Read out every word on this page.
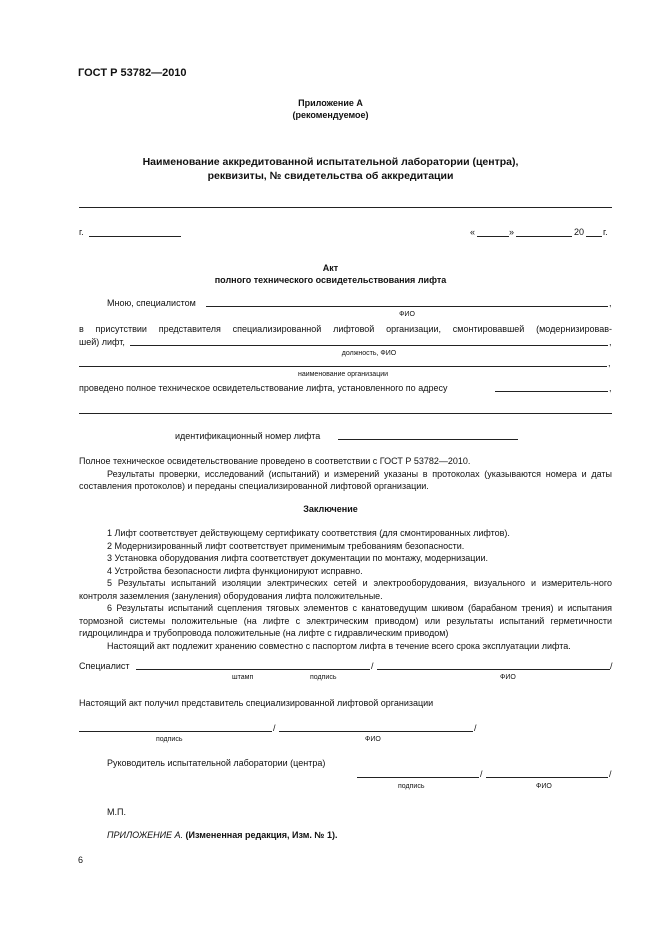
ГОСТ Р 53782—2010
Приложение А
(рекомендуемое)
Наименование аккредитованной испытательной лаборатории (центра),
реквизиты, № свидетельства об аккредитации
г.	«	»	20 г.
Акт
полного технического освидетельствования лифта
Мною, специалистом	,
ФИО
в присутствии представителя специализированной лифтовой организации, смонтировавшей (модернизировав-
шей) лифт,	,
должность, ФИО
,
наименование организации
проведено полное техническое освидетельствование лифта, установленного по адресу	,
идентификационный номер лифта

Полное техническое освидетельствование проведено в соответствии с ГОСТ Р 53782—2010.

Результаты проверки, исследований (испытаний) и измерений указаны в протоколах (указываются номера и даты составления протоколов) и переданы специализированной лифтовой организации.

Заключение

1 Лифт соответствует действующему сертификату соответствия (для смонтированных лифтов).

2 Модернизированный лифт соответствует применимым требованиям безопасности.

3 Установка оборудования лифта соответствует документации по монтажу, модернизации.

4 Устройства безопасности лифта функционируют исправно.

5 Результаты испытаний изоляции электрических сетей и электрооборудования, визуального и измеритель-ного контроля заземления (зануления) оборудования лифта положительные.

6 Результаты испытаний сцепления тяговых элементов с канатоведущим шкивом (барабаном трения) и испытания тормозной системы положительные (на лифте с электрическим приводом) или результаты испытаний герметичности гидроцилиндра и трубопровода положительные (на лифте с гидравлическим приводом)

Настоящий акт подлежит хранению совместно с паспортом лифта в течение всего срока эксплуатации лифта.

Специалист	/	/
штамп	подпись	ФИО
Настоящий акт получил представитель специализированной лифтовой организации
/	/
подпись	ФИО
Руководитель испытательной лаборатории (центра)
/	/
подпись	ФИО
М.П.
ПРИЛОЖЕНИЕ А. (Измененная редакция, Изм. № 1).
6
